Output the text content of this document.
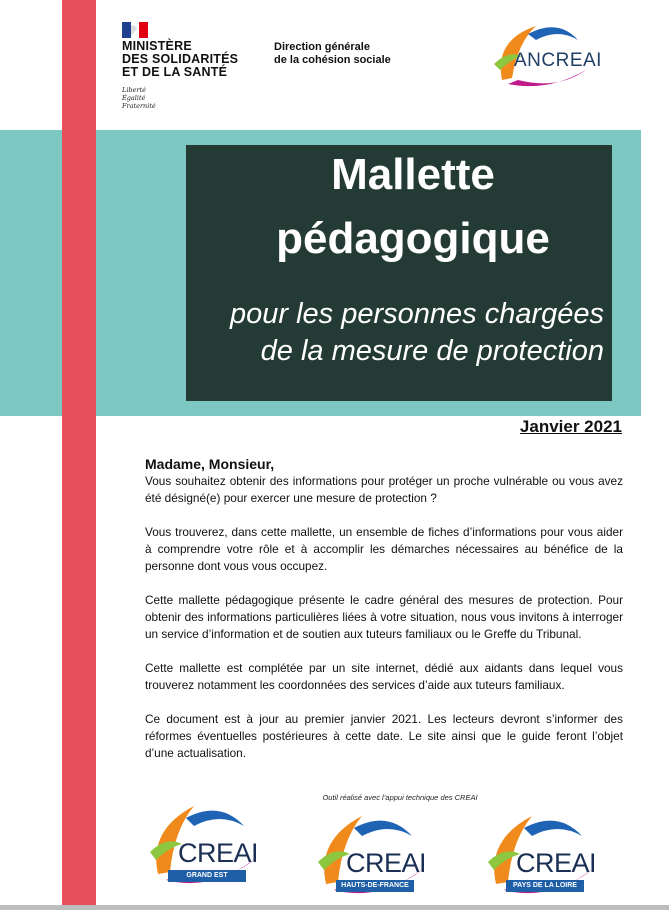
MINISTÈRE
DES SOLIDARITÉS
ET DE LA SANTÉ
Liberté
Égalité
Fraternité
Direction générale
de la cohésion sociale	ANCREAI
Mallette
pédagogique
pour les personnes chargées
de la mesure de protection
Janvier 2021
Madame, Monsieur,

Vous souhaitez obtenir des informations pour protéger un proche vulnérable ou vous avez été désigné(e) pour exercer une mesure de protection ?

Vous trouverez, dans cette mallette, un ensemble de fiches d’informations pour vous aider à comprendre votre rôle et à accomplir les démarches nécessaires au bénéfice de la personne dont vous vous occupez.

Cette mallette pédagogique présente le cadre général des mesures de protection. Pour obtenir des informations particulières liées à votre situation, nous vous invitons à interroger un service d’information et de soutien aux tuteurs familiaux ou le Greffe du Tribunal.

Cette mallette est complétée par un site internet, dédié aux aidants dans lequel vous trouverez notamment les coordonnées des services d’aide aux tuteurs familiaux.

Ce document est à jour au premier janvier 2021. Les lecteurs devront s’informer des réformes éventuelles postérieures à cette date. Le site ainsi que le guide feront l’objet d’une actualisation.

Outil réalisé avec l’appui technique des CREAI
CREAI
GRAND EST	CREAI
HAUTS-DE-FRANCE
CREAI
PAYS DE LA LOIRE
